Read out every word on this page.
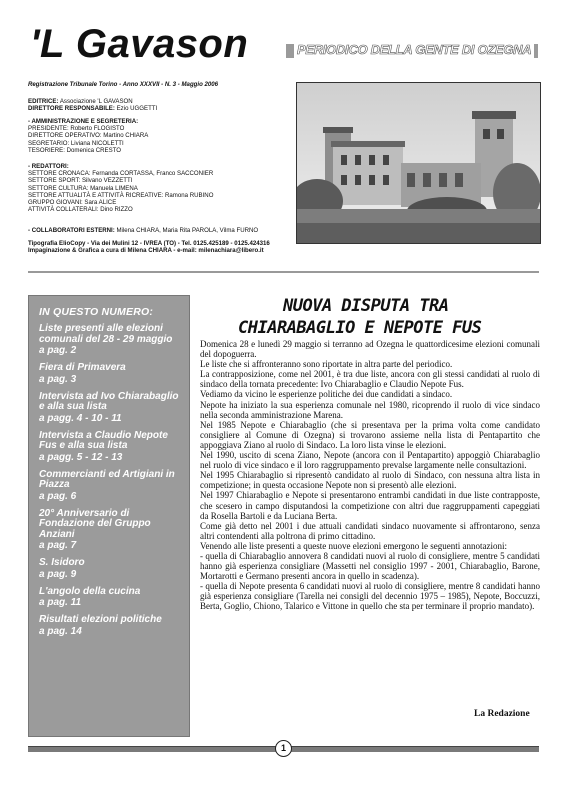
'L Gavason	PERIODICO DELLA GENTE DI OZEGNA
Registrazione Tribunale Torino - Anno XXXVII - N. 3 - Maggio 2006
EDITRICE: Associazione 'L GAVASON
DIRETTORE RESPONSABILE: Ezio UGGETTI
- AMMINISTRAZIONE E SEGRETERIA:
PRESIDENTE: Roberto FLOGISTO
DIRETTORE OPERATIVO: Martino CHIARA
SEGRETARIO: Liviana NICOLETTI
TESORIERE: Domenica CRESTO
- REDATTORI:
SETTORE CRONACA: Fernanda CORTASSA, Franco SACCONIER
SETTORE SPORT: Silvano VEZZETTI
SETTORE CULTURA: Manuela LIMENA
SETTORE ATTUALITÀ E ATTIVITÀ RICREATIVE: Ramona RUBINO
GRUPPO GIOVANI: Sara ALICE
ATTIVITÀ COLLATERALI: Dino RIZZO
- COLLABORATORI ESTERNI: Milena CHIARA, Maria Rita PAROLA, Vilma FURNO
Tipografia ElioCopy - Via dei Mulini 12 - IVREA (TO) - Tel. 0125.425189 - 0125.424316
Impaginazione & Grafica a cura di Milena CHIARA - e-mail: milenachiara@libero.it
IN QUESTO NUMERO:
Liste presenti alle elezioni comunali del 28 - 29 maggio
a pag. 2
Fiera di Primavera
a pag. 3
Intervista ad Ivo Chiarabaglio e alla sua lista
a pagg. 4 - 10 - 11
Intervista a Claudio Nepote Fus e alla sua lista
a pagg. 5 - 12 - 13
Commercianti ed Artigiani in Piazza
a pag. 6
20° Anniversario di Fondazione del Gruppo Anziani
a pag. 7
S. Isidoro
a pag. 9
L'angolo della cucina
a pag. 11
Risultati elezioni politiche
a pag. 14
NUOVA DISPUTA TRA
CHIARABAGLIO E NEPOTE FUS

Domenica 28 e lunedì 29 maggio si terranno ad Ozegna le quattordicesime elezioni comunali del dopoguerra.

Le liste che si affronteranno sono riportate in altra parte del periodico.

La contrapposizione, come nel 2001, è tra due liste, ancora con gli stessi candidati al ruolo di sindaco della tornata precedente: Ivo Chiarabaglio e Claudio Nepote Fus.

Vediamo da vicino le esperienze politiche dei due candidati a sindaco.

Nepote ha iniziato la sua esperienza comunale nel 1980, ricoprendo il ruolo di vice sindaco nella seconda amministrazione Marena.

Nel 1985 Nepote e Chiarabaglio (che si presentava per la prima volta come candidato consigliere al Comune di Ozegna) si trovarono assieme nella lista di Pentapartito che appoggiava Ziano al ruolo di Sindaco. La loro lista vinse le elezioni.

Nel 1990, uscito di scena Ziano, Nepote (ancora con il Pentapartito) appoggiò Chiarabaglio nel ruolo di vice sindaco e il loro raggruppamento prevalse largamente nelle consultazioni.

Nel 1995 Chiarabaglio si ripresentò candidato al ruolo di Sindaco, con nessuna altra lista in competizione; in questa occasione Nepote non si presentò alle elezioni.

Nel 1997 Chiarabaglio e Nepote si presentarono entrambi candidati in due liste contrapposte, che scesero in campo disputandosi la competizione con altri due raggruppamenti capeggiati da Rosella Bartoli e da Luciana Berta.

Come già detto nel 2001 i due attuali candidati sindaco nuovamente si affrontarono, senza altri contendenti alla poltrona di primo cittadino.

Venendo alle liste presenti a queste nuove elezioni emergono le seguenti annotazioni:

- quella di Chiarabaglio annovera 8 candidati nuovi al ruolo di consigliere, mentre 5 candidati hanno già esperienza consigliare (Massetti nel consiglio 1997 - 2001, Chiarabaglio, Barone, Mortarotti e Germano presenti ancora in quello in scadenza).

- quella di Nepote presenta 6 candidati nuovi al ruolo di consigliere, mentre 8 candidati hanno già esperienza consigliare (Tarella nei consigli del decennio 1975 – 1985), Nepote, Boccuzzi, Berta, Goglio, Chiono, Talarico e Vittone in quello che sta per terminare il proprio mandato).

La Redazione
1
